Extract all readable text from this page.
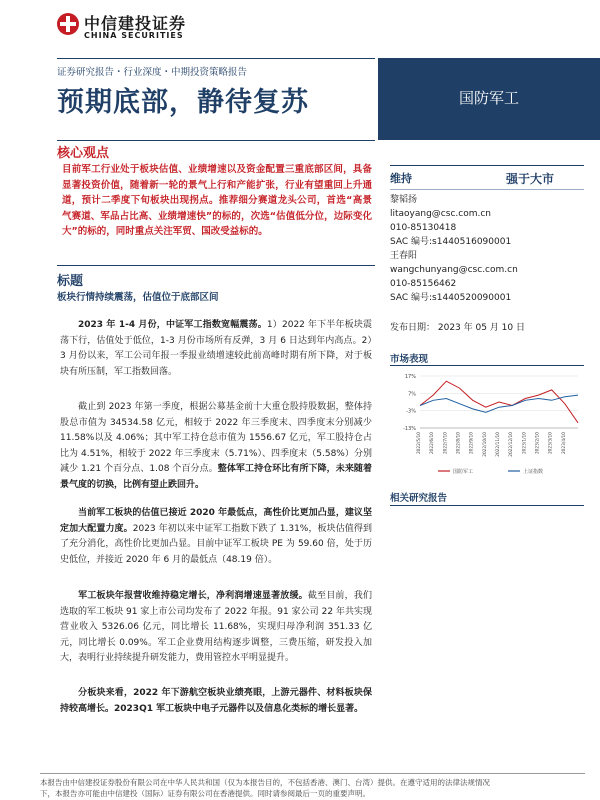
中信建投证券
CHINA SECURITIES
证券研究报告・行业深度・中期投资策略报告
预期底部，静待复苏	国防军工
核心观点
目前军工行业处于板块估值、业绩增速以及资金配置三重底部区间，具备显著投资价值，随着新一轮的景气上行和产能扩张，行业有望重回上升通道，预计二季度下旬板块出现拐点。推荐细分赛道龙头公司，首选“高景气赛道、军品占比高、业绩增速快”的标的，次选“估值低分位，边际变化大”的标的，同时重点关注军贸、国改受益标的。
标题
板块行情持续震荡，估值位于底部区间
2023 年 1-4 月份，中证军工指数宽幅震荡。1）2022 年下半年板块震荡下行，估值处于低位，1-3 月份市场所有反弹，3 月 6 日达到年内高点。2）3 月份以来，军工公司年报一季报业绩增速较此前高峰时期有所下降，对于板块有所压制，军工指数回落。
截止到 2023 年第一季度，根据公募基金前十大重仓股持股数据，整体持股总市值为 34534.58 亿元，相较于 2022 年三季度末、四季度末分别减少 11.58%以及 4.06%；其中军工持仓总市值为 1556.67 亿元，军工股持仓占比为 4.51%，相较于 2022 年三季度末（5.71%）、四季度末（5.58%）分别减少 1.21 个百分点、1.08 个百分点。整体军工持仓环比有所下降，未来随着景气度的切换，比例有望止跌回升。
当前军工板块的估值已接近 2020 年最低点，高性价比更加凸显，建议坚定加大配置力度。2023 年初以来中证军工指数下跌了 1.31%，板块估值得到了充分消化，高性价比更加凸显。目前中证军工板块 PE 为 59.60 倍，处于历史低位，并接近 2020 年 6 月的最低点（48.19 倍）。
军工板块年报营收维持稳定增长，净利润增速显著放缓。截至目前，我们选取的军工板块 91 家上市公司均发布了 2022 年报。91 家公司 22 年共实现营业收入 5326.06 亿元，同比增长 11.68%，实现归母净利润 351.33 亿元，同比增长 0.09%。军工企业费用结构逐步调整，三费压缩，研发投入加大，表明行业持续提升研发能力，费用管控水平明显提升。
分板块来看，2022 年下游航空板块业绩亮眼，上游元器件、材料板块保持较高增长。2023Q1 军工板块中电子元器件以及信息化类标的增长显著。
维持	强于大市
黎韬扬
litaoyang@csc.com.cn
010-85130418
SAC 编号:s1440516090001
王春阳
wangchunyang@csc.com.cn
010-85156462
SAC 编号:s1440520090001
发布日期： 2023 年 05 月 10 日
市场表现
17%
7%
-3%
-13%
2022/5/10 2022/6/10 2022/7/10 2022/8/10 2022/9/10 2022/10/10 2022/11/10 2022/12/10 2023/1/10 2023/2/10 2023/3/10 2023/4/10
国防军工	上证指数
相关研究报告
本报告由中信建投证券股份有限公司在中华人民共和国（仅为本报告目的，不包括香港、澳门、台湾）提供。在遵守适用的法律法规情况
下，本报告亦可能由中信建投（国际）证券有限公司在香港提供。同时请参阅最后一页的重要声明。
